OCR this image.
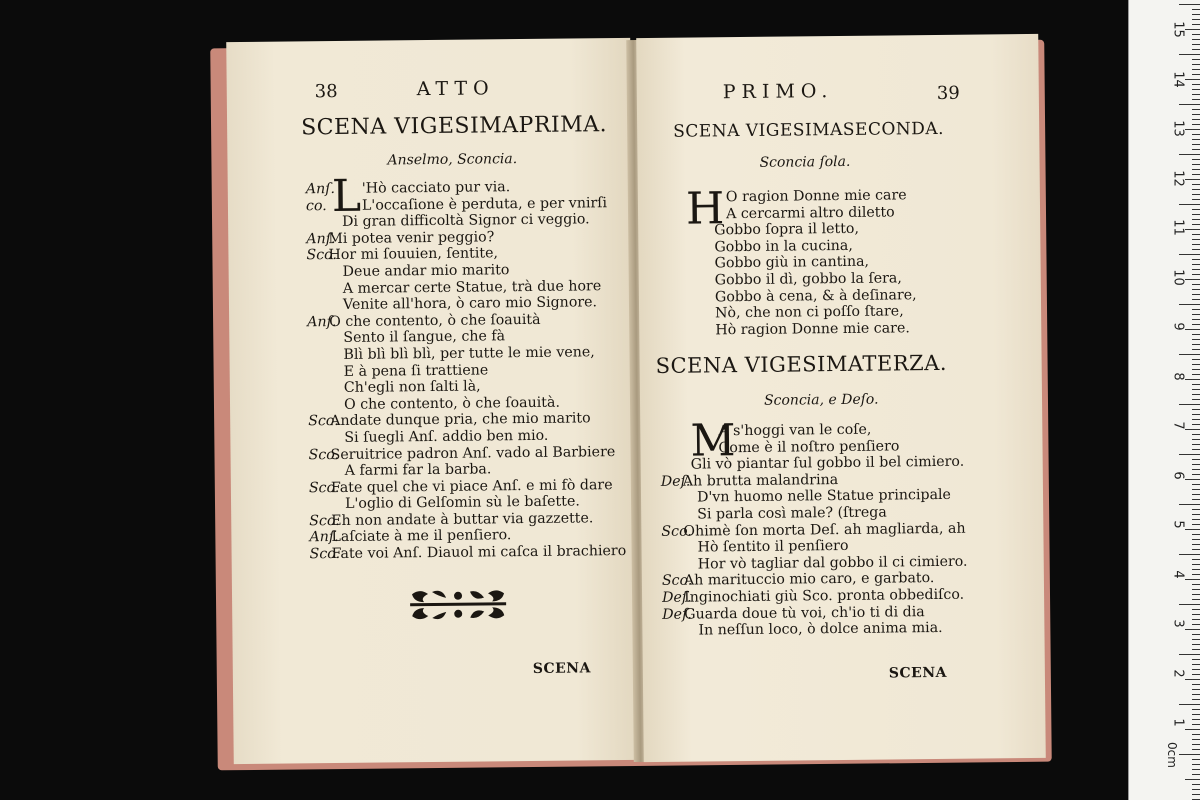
38	ATTO
SCENA VIGESIMAPRIMA.
Anselmo, Sconcia.
L
Anſ. 'Hò cacciato pur via.
co. L'occaſione è perduta, e per vnirſi
Di gran difficoltà Signor ci veggio.
Anſ.Mi potea venir peggio?
Sco.Hor mi ſouuien, ſentite,
Deue andar mio marito
A mercar certe Statue, trà due hore
Venite all'hora, ò caro mio Signore.
Anſ.O che contento, ò che ſoauità
Sento il ſangue, che fà
Blì blì blì blì, per tutte le mie vene,
E à pena ſi trattiene
Ch'egli non ſalti là,
O che contento, ò che ſoauità.
Sco.Andate dunque pria, che mio marito
Si ſuegli Anſ. addio ben mio.
Sco.Seruitrice padron Anſ. vado al Barbiere
A farmi far la barba.
Sco.Fate quel che vi piace Anſ. e mi fò dare
L'oglio di Gelſomin sù le baſette.
Sco.Eh non andate à buttar via gazzette.
Anſ.Laſciate à me il penſiero.
Sco.Fate voi Anſ. Diauol mi caſca il brachiero
SCENA
PRIMO.	39
SCENA VIGESIMASECONDA.
Sconcia ſola.
H O ragion Donne mie care
A cercarmi altro diletto
Gobbo ſopra il letto,
Gobbo in la cucina,
Gobbo giù in cantina,
Gobbo il dì, gobbo la ſera,
Gobbo à cena, & à deſinare,
Nò, che non ci poſſo ſtare,
Hò ragion Donne mie care.
SCENA VIGESIMATERZA.
Sconcia, e Deſo.
M
A s'hoggi van le coſe,
Come è il noſtro penſiero
Gli vò piantar ſul gobbo il bel cimiero.
Deſ.Ah brutta malandrina
D'vn huomo nelle Statue principale
Si parla così male? (ſtrega
Sco.Ohimè ſon morta Deſ. ah magliarda, ah
Hò ſentito il penſiero
Hor vò tagliar dal gobbo il ci cimiero.
Sco.Ah marituccio mio caro, e garbato.
Deſ.Inginochiati giù Sco. pronta obbediſco.
Deſ.Guarda doue tù voi, ch'io ti di dia
In neſſun loco, ò dolce anima mia.
SCENA
0cm
15
14
13
12
11
10
9
8
7
6
5
4
3
2
1
